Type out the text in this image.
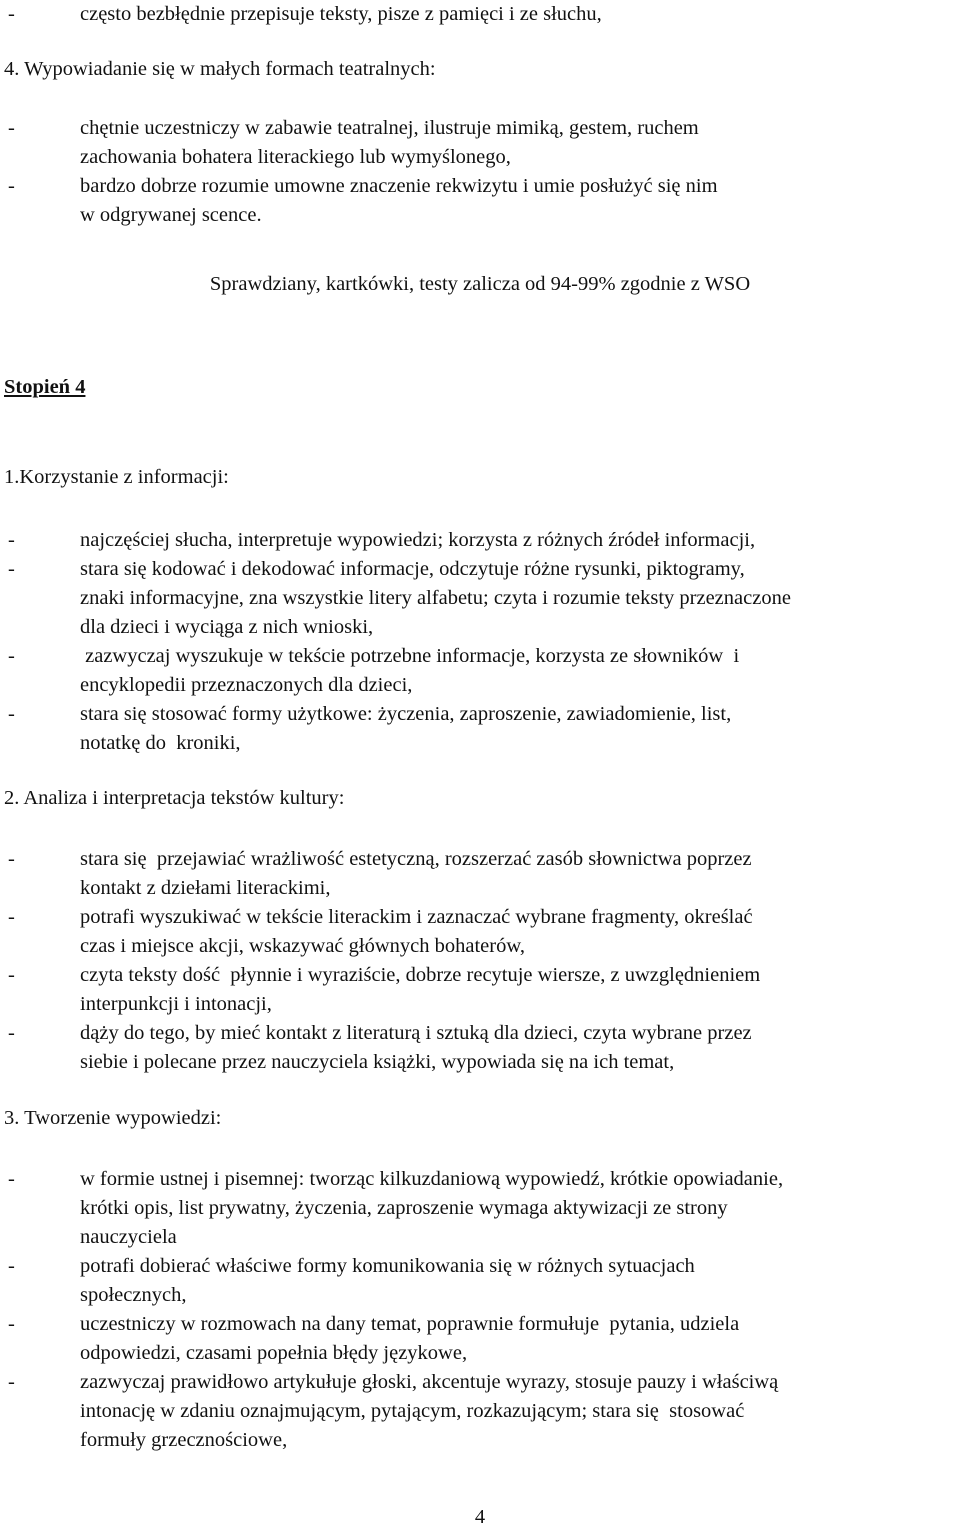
-	często bezbłędnie przepisuje teksty, pisze z pamięci i ze słuchu,
4. Wypowiadanie się w małych formach teatralnych:
-	chętnie uczestniczy w zabawie teatralnej, ilustruje mimiką, gestem, ruchem
zachowania bohatera literackiego lub wymyślonego,
-	bardzo dobrze rozumie umowne znaczenie rekwizytu i umie posłużyć się nim
w odgrywanej scence.
Sprawdziany, kartkówki, testy zalicza od 94-99% zgodnie z WSO
Stopień 4
1.Korzystanie z informacji:
-	najczęściej słucha, interpretuje wypowiedzi; korzysta z różnych źródeł informacji,
-	stara się kodować i dekodować informacje, odczytuje różne rysunki, piktogramy,
znaki informacyjne, zna wszystkie litery alfabetu; czyta i rozumie teksty przeznaczone
dla dzieci i wyciąga z nich wnioski,
-	zazwyczaj wyszukuje w tekście potrzebne informacje, korzysta ze słowników  i
encyklopedii przeznaczonych dla dzieci,
-	stara się stosować formy użytkowe: życzenia, zaproszenie, zawiadomienie, list,
notatkę do  kroniki,
2. Analiza i interpretacja tekstów kultury:
-	stara się  przejawiać wrażliwość estetyczną, rozszerzać zasób słownictwa poprzez
kontakt z dziełami literackimi,
-	potrafi wyszukiwać w tekście literackim i zaznaczać wybrane fragmenty, określać
czas i miejsce akcji, wskazywać głównych bohaterów,
-	czyta teksty dość  płynnie i wyraziście, dobrze recytuje wiersze, z uwzględnieniem
interpunkcji i intonacji,
-	dąży do tego, by mieć kontakt z literaturą i sztuką dla dzieci, czyta wybrane przez
siebie i polecane przez nauczyciela książki, wypowiada się na ich temat,
3. Tworzenie wypowiedzi:
-	w formie ustnej i pisemnej: tworząc kilkuzdaniową wypowiedź, krótkie opowiadanie,
krótki opis, list prywatny, życzenia, zaproszenie wymaga aktywizacji ze strony
nauczyciela
-	potrafi dobierać właściwe formy komunikowania się w różnych sytuacjach
społecznych,
-	uczestniczy w rozmowach na dany temat, poprawnie formułuje  pytania, udziela
odpowiedzi, czasami popełnia błędy językowe,
-	zazwyczaj prawidłowo artykułuje głoski, akcentuje wyrazy, stosuje pauzy i właściwą
intonację w zdaniu oznajmującym, pytającym, rozkazującym; stara się  stosować
formuły grzecznościowe,
4
